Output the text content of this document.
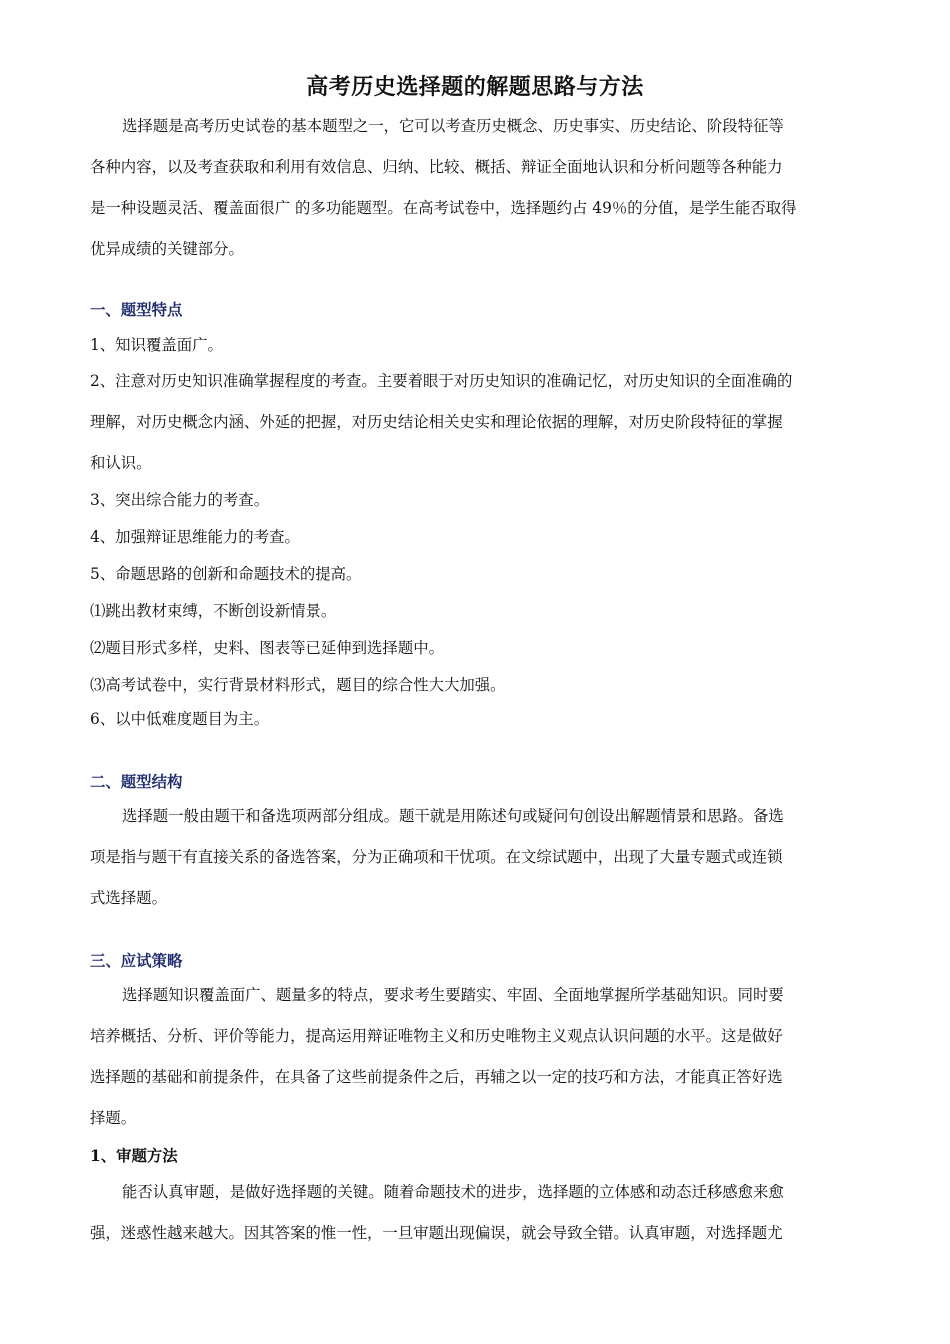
高考历史选择题的解题思路与方法
选择题是高考历史试卷的基本题型之一，它可以考查历史概念、历史事实、历史结论、阶段特征等
各种内容，以及考查获取和利用有效信息、归纳、比较、概括、辩证全面地认识和分析问题等各种能力
是一种设题灵活、覆盖面很广 的多功能题型。在高考试卷中，选择题约占 49％的分值，是学生能否取得
优异成绩的关键部分。
一、题型特点
1、知识覆盖面广。
2、注意对历史知识准确掌握程度的考查。主要着眼于对历史知识的准确记忆，对历史知识的全面准确的
理解，对历史概念内涵、外延的把握，对历史结论相关史实和理论依据的理解，对历史阶段特征的掌握
和认识。
3、突出综合能力的考查。
4、加强辩证思维能力的考查。
5、命题思路的创新和命题技术的提高。
⑴跳出教材束缚，不断创设新情景。
⑵题目形式多样，史料、图表等已延伸到选择题中。
⑶高考试卷中，实行背景材料形式，题目的综合性大大加强。
6、以中低难度题目为主。
二、题型结构
选择题一般由题干和备选项两部分组成。题干就是用陈述句或疑问句创设出解题情景和思路。备选
项是指与题干有直接关系的备选答案，分为正确项和干忧项。在文综试题中，出现了大量专题式或连锁
式选择题。
三、应试策略
选择题知识覆盖面广、题量多的特点，要求考生要踏实、牢固、全面地掌握所学基础知识。同时要
培养概括、分析、评价等能力，提高运用辩证唯物主义和历史唯物主义观点认识问题的水平。这是做好
选择题的基础和前提条件，在具备了这些前提条件之后，再辅之以一定的技巧和方法，才能真正答好选
择题。
1、审题方法
能否认真审题，是做好选择题的关键。随着命题技术的进步，选择题的立体感和动态迁移感愈来愈
强，迷惑性越来越大。因其答案的惟一性，一旦审题出现偏误，就会导致全错。认真审题，对选择题尤
